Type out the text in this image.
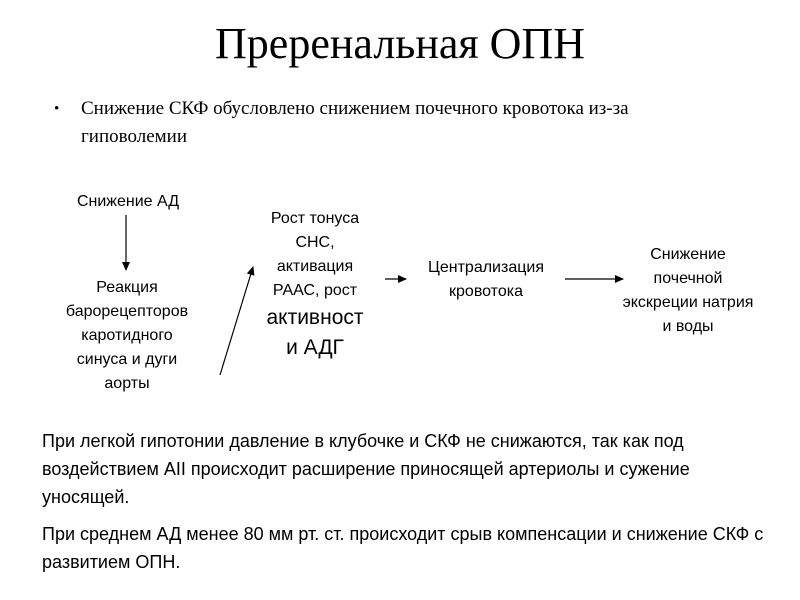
Преренальная ОПН
• Снижение СКФ обусловлено снижением почечного кровотока из-за гиповолемии
Снижение АД
Реакция
барорецепторов
каротидного
синуса и дуги
аорты
Рост тонуса
СНС,
активация
РААС, рост
активност
и АДГ
Централизация
кровотока
Снижение
почечной
экскреции натрия
и воды
При легкой гипотонии давление в клубочке и СКФ не снижаются, так как под воздействием AII происходит расширение приносящей артериолы и сужение уносящей.
При среднем АД менее 80 мм рт. ст. происходит срыв компенсации и снижение СКФ с развитием ОПН.
